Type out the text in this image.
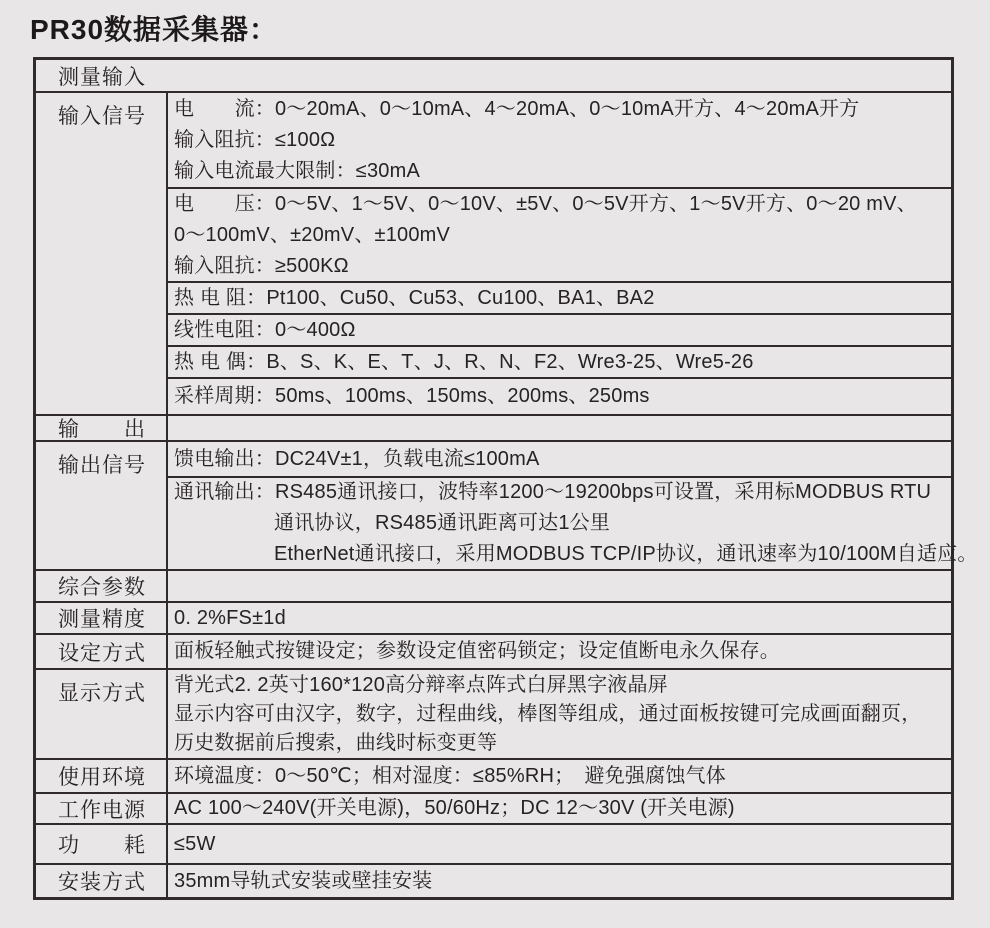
PR30数据采集器：
测量输入
输入信号	电　　流：0～20mA、0～10mA、4～20mA、0～10mA开方、4～20mA开方
输入阻抗：≤100Ω
输入电流最大限制：≤30mA
电　　压：0～5V、1～5V、0～10V、±5V、0～5V开方、1～5V开方、0～20 mV、
0～100mV、±20mV、±100mV
输入阻抗：≥500KΩ
热 电 阻：Pt100、Cu50、Cu53、Cu100、BA1、BA2
线性电阻：0～400Ω
热 电 偶：B、S、K、E、T、J、R、N、F2、Wre3-25、Wre5-26
采样周期：50ms、100ms、150ms、200ms、250ms
输　　出
输出信号	馈电输出：DC24V±1，负载电流≤100mA
通讯输出：RS485通讯接口，波特率1200～19200bps可设置，采用标MODBUS RTU
通讯协议，RS485通讯距离可达1公里
EtherNet通讯接口，采用MODBUS TCP/IP协议，通讯速率为10/100M自适应。
综合参数
测量精度	0. 2%FS±1d
设定方式	面板轻触式按键设定；参数设定值密码锁定；设定值断电永久保存。
显示方式	背光式2. 2英寸160*120高分辩率点阵式白屏黑字液晶屏
显示内容可由汉字，数字，过程曲线，棒图等组成，通过面板按键可完成画面翻页，
历史数据前后搜索，曲线时标变更等
使用环境	环境温度：0～50℃；相对湿度：≤85%RH；　避免强腐蚀气体
工作电源	AC 100～240V(开关电源)，50/60Hz；DC 12～30V (开关电源)
功　　耗	≤5W
安装方式	35mm导轨式安装或壁挂安装
